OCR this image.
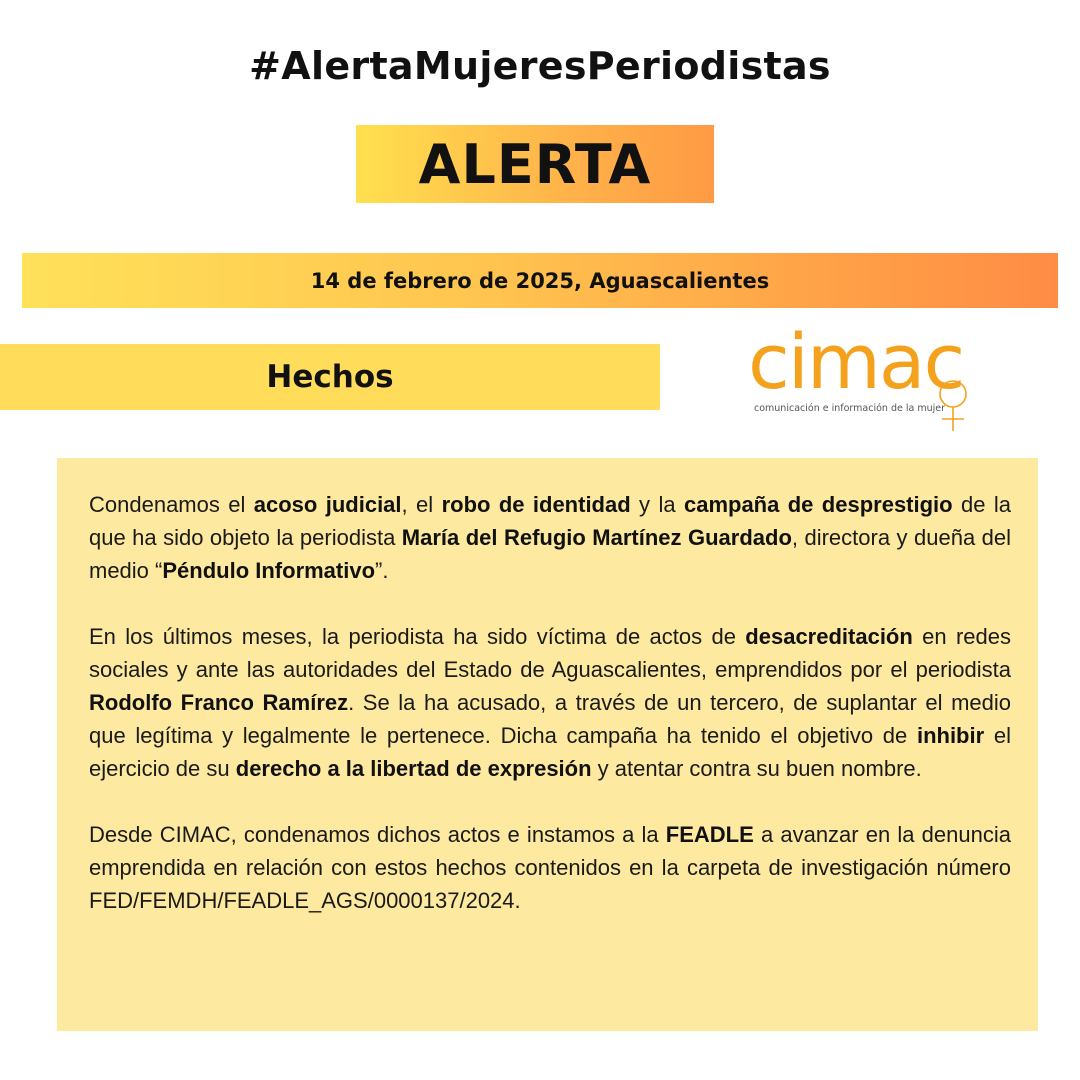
#AlertaMujeresPeriodistas
ALERTA
14 de febrero de 2025, Aguascalientes
Hechos	cimac
comunicación e información de la mujer

Condenamos el acoso judicial, el robo de identidad y la campaña de desprestigio de la que ha sido objeto la periodista María del Refugio Martínez Guardado, directora y dueña del medio “Péndulo Informativo”.

En los últimos meses, la periodista ha sido víctima de actos de desacreditación en redes sociales y ante las autoridades del Estado de Aguascalientes, emprendidos por el periodista Rodolfo Franco Ramírez. Se la ha acusado, a través de un tercero, de suplantar el medio que legítima y legalmente le pertenece. Dicha campaña ha tenido el objetivo de inhibir el ejercicio de su derecho a la libertad de expresión y atentar contra su buen nombre.

Desde CIMAC, condenamos dichos actos e instamos a la FEADLE a avanzar en la denuncia emprendida en relación con estos hechos contenidos en la carpeta de investigación número FED/FEMDH/FEADLE_AGS/0000137/2024.
